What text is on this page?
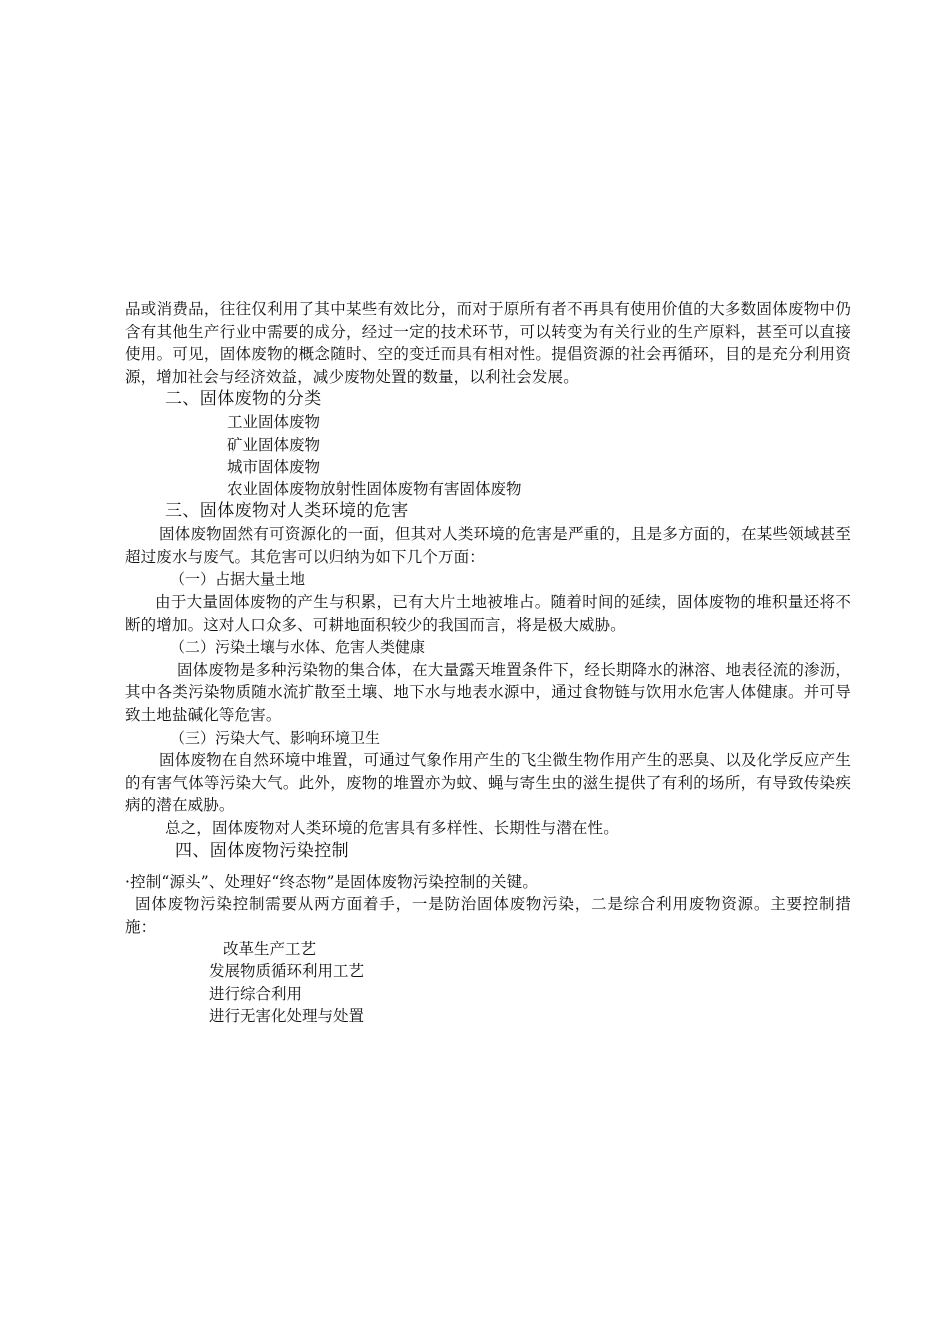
品或消费品，往往仅利用了其中某些有效比分，而对于原所有者不再具有使用价值的大多数固体废物中仍含有其他生产行业中需要的成分，经过一定的技术环节，可以转变为有关行业的生产原料，甚至可以直接使用。可见，固体废物的概念随时、空的变迁而具有相对性。提倡资源的社会再循环，目的是充分利用资源，增加社会与经济效益，减少废物处置的数量，以利社会发展。

二、固体废物的分类

工业固体废物

矿业固体废物

城市固体废物

农业固体废物放射性固体废物有害固体废物

三、固体废物对人类环境的危害

固体废物固然有可资源化的一面，但其对人类环境的危害是严重的，且是多方面的，在某些领域甚至超过废水与废气。其危害可以归纳为如下几个万面：

（一）占据大量土地

由于大量固体废物的产生与积累，已有大片土地被堆占。随着时间的延续，固体废物的堆积量还将不断的增加。这对人口众多、可耕地面积较少的我国而言，将是极大威胁。

（二）污染土壤与水体、危害人类健康

固体废物是多种污染物的集合体，在大量露天堆置条件下，经长期降水的淋溶、地表径流的渗沥，其中各类污染物质随水流扩散至土壤、地下水与地表水源中，通过食物链与饮用水危害人体健康。并可导致土地盐碱化等危害。

（三）污染大气、影响环境卫生

固体废物在自然环境中堆置，可通过气象作用产生的飞尘微生物作用产生的恶臭、以及化学反应产生的有害气体等污染大气。此外，废物的堆置亦为蚊、蝇与寄生虫的滋生提供了有利的场所，有导致传染疾病的潜在威胁。

总之，固体废物对人类环境的危害具有多样性、长期性与潜在性。

四、固体废物污染控制

·控制“源头”、处理好“终态物”是固体废物污染控制的关键。

固体废物污染控制需要从两方面着手，一是防治固体废物污染，二是综合利用废物资源。主要控制措施：

改革生产工艺

发展物质循环利用工艺

进行综合利用

进行无害化处理与处置
